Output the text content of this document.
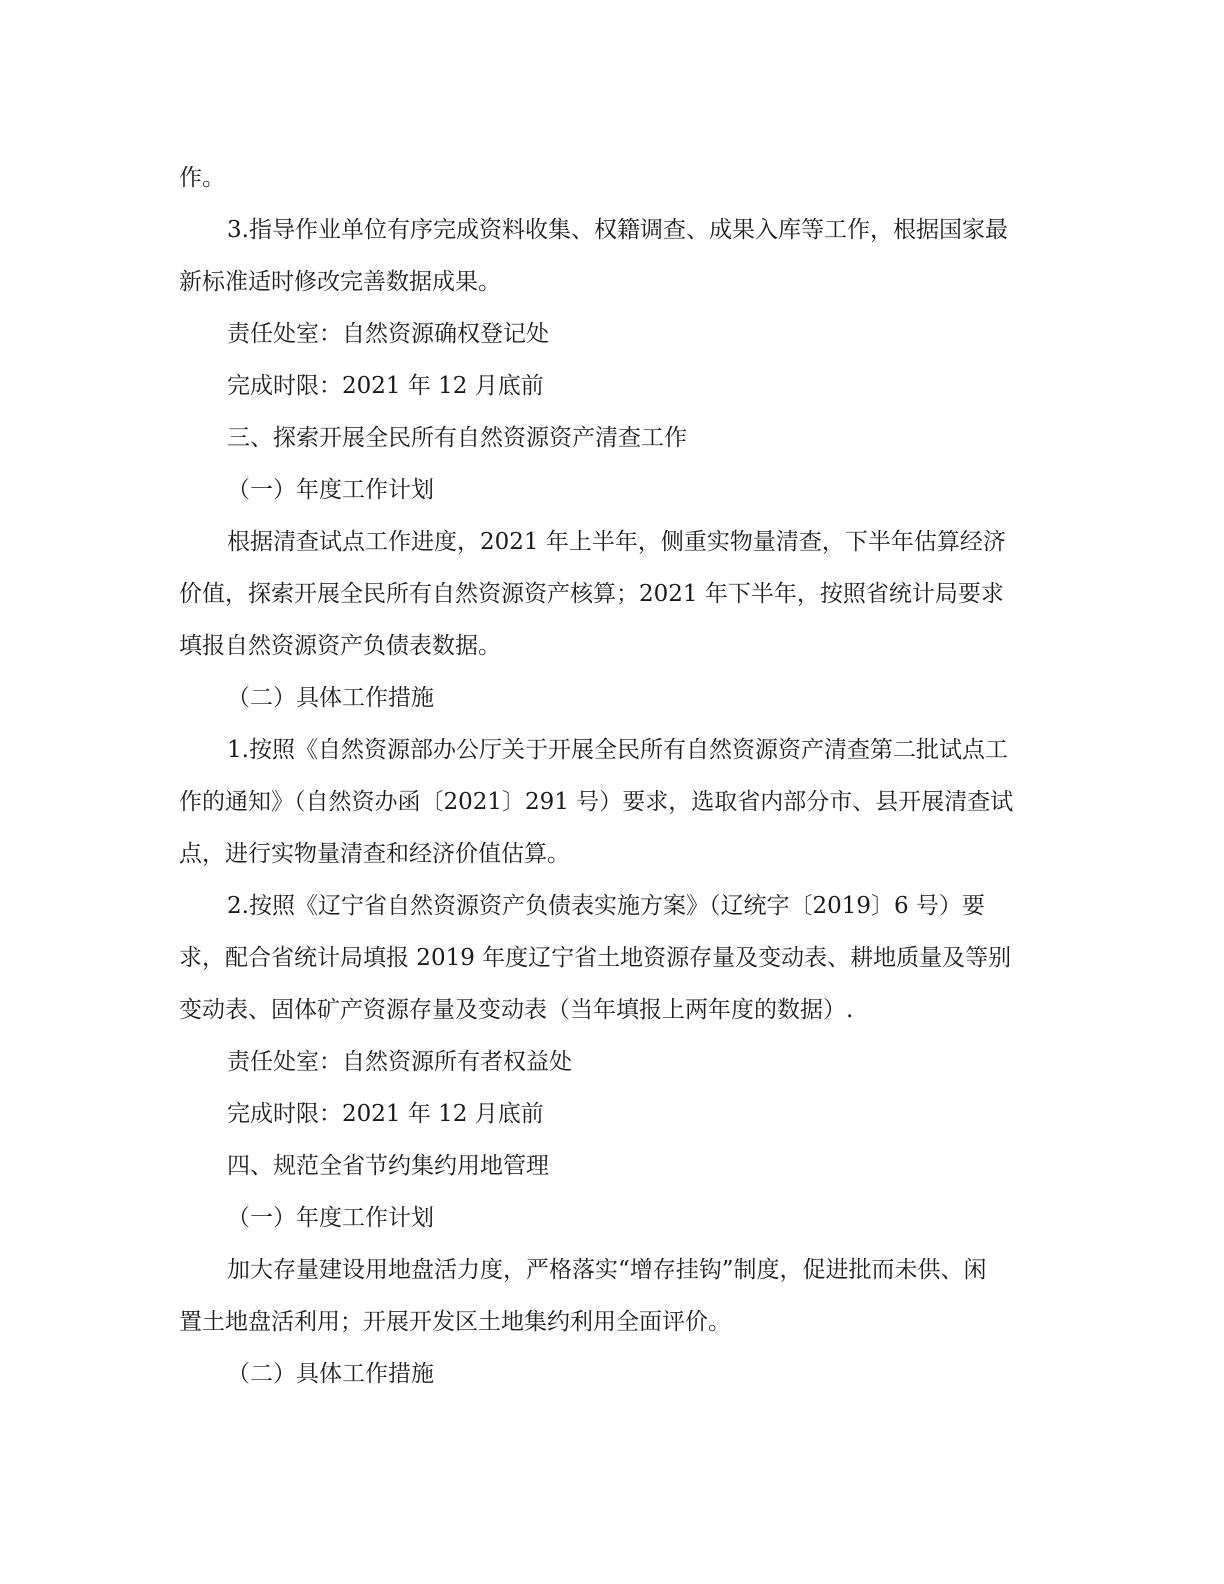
作。
3.指导作业单位有序完成资料收集、权籍调查、成果入库等工作，根据国家最
新标准适时修改完善数据成果。
责任处室：自然资源确权登记处
完成时限：2021 年 12 月底前
三、探索开展全民所有自然资源资产清查工作
（一）年度工作计划
根据清查试点工作进度，2021 年上半年，侧重实物量清查，下半年估算经济
价值，探索开展全民所有自然资源资产核算；2021 年下半年，按照省统计局要求
填报自然资源资产负债表数据。
（二）具体工作措施
1.按照《自然资源部办公厅关于开展全民所有自然资源资产清查第二批试点工
作的通知》（自然资办函〔2021〕291 号）要求，选取省内部分市、县开展清查试
点，进行实物量清查和经济价值估算。
2.按照《辽宁省自然资源资产负债表实施方案》（辽统字〔2019〕6 号）要
求，配合省统计局填报 2019 年度辽宁省土地资源存量及变动表、耕地质量及等别
变动表、固体矿产资源存量及变动表（当年填报上两年度的数据）.
责任处室：自然资源所有者权益处
完成时限：2021 年 12 月底前
四、规范全省节约集约用地管理
（一）年度工作计划
加大存量建设用地盘活力度，严格落实“增存挂钩”制度，促进批而未供、闲
置土地盘活利用；开展开发区土地集约利用全面评价。
（二）具体工作措施
